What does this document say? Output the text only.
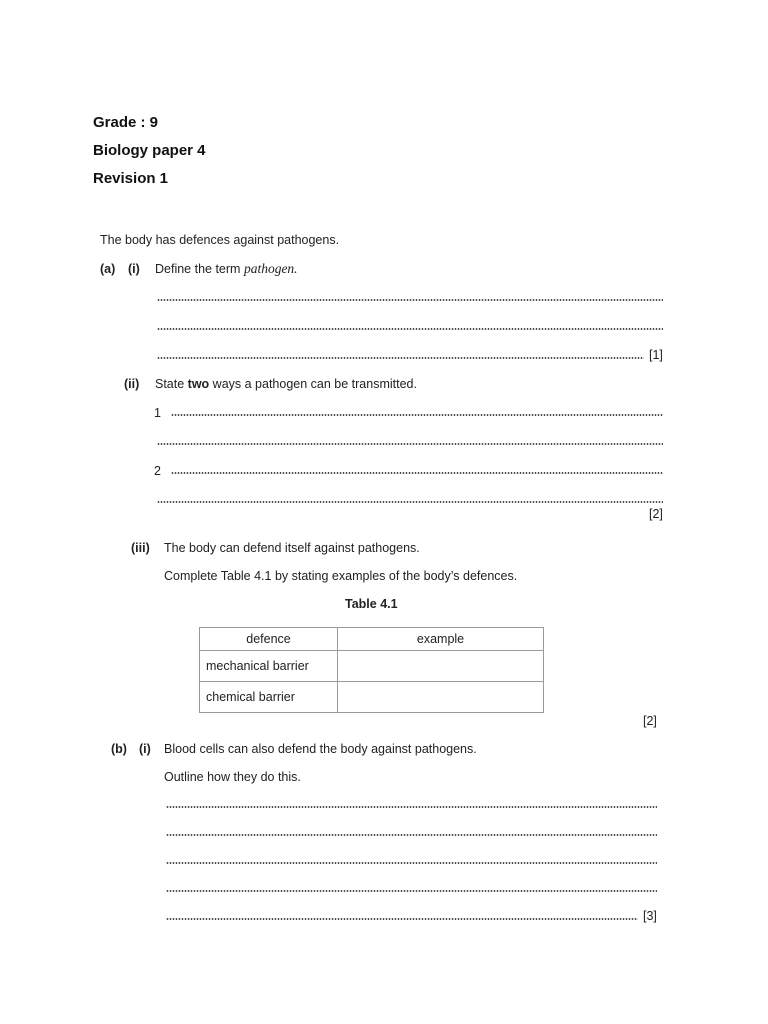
Grade : 9
Biology paper 4
Revision 1
The body has defences against pathogens.
(a) (i) Define the term pathogen.
[1]
(ii) State two ways a pathogen can be transmitted.
1
2
[2]
(iii) The body can defend itself against pathogens.
Complete Table 4.1 by stating examples of the body’s defences.
Table 4.1
defence	example
mechanical barrier	
chemical barrier	
[2]
(b) (i) Blood cells can also defend the body against pathogens.
Outline how they do this.
[3]
